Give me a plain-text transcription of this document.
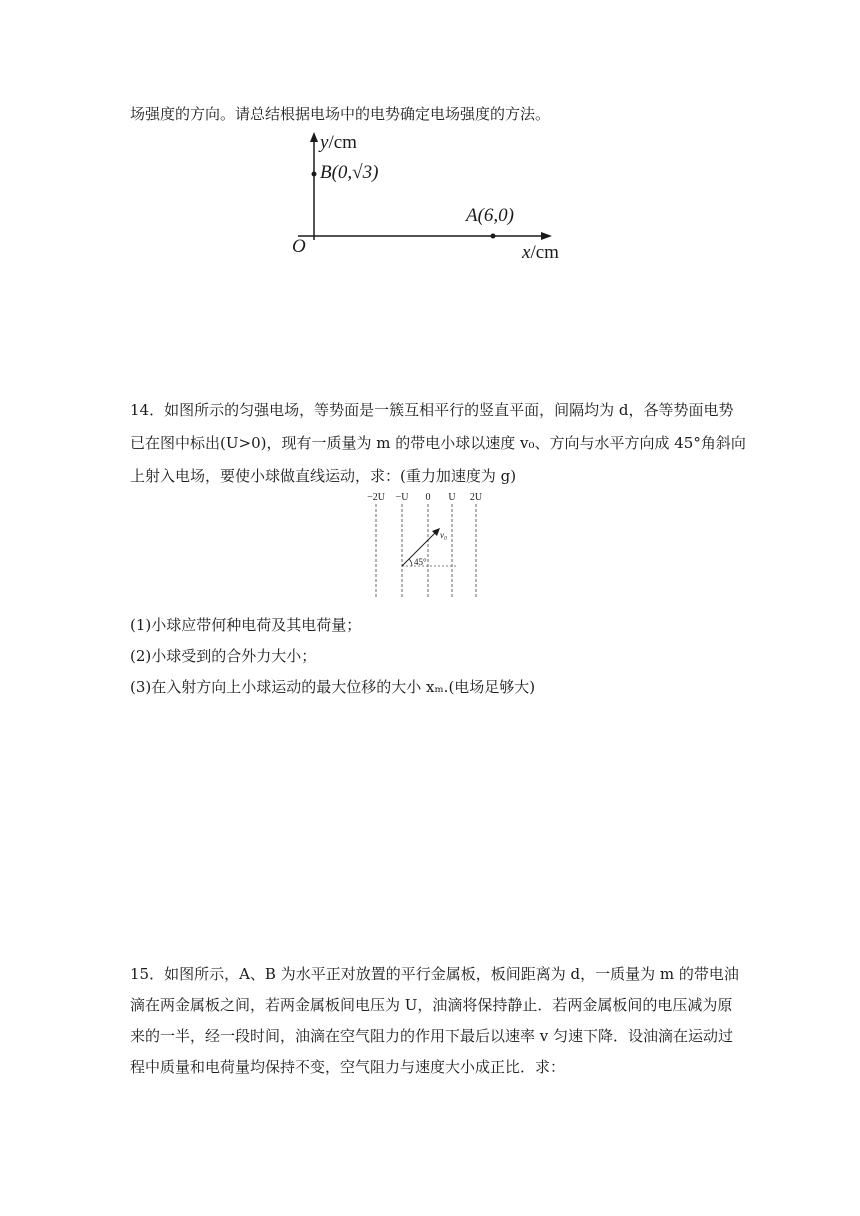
场强度的方向。请总结根据电场中的电势确定电场强度的方法。
y/cm
B(0,√3)
A(6,0)
O	x/cm
14．如图所示的匀强电场，等势面是一簇互相平行的竖直平面，间隔均为 d，各等势面电势
已在图中标出(U>0)，现有一质量为 m 的带电小球以速度 v₀、方向与水平方向成 45°角斜向
上射入电场，要使小球做直线运动，求：(重力加速度为 g)
−2U −U 0 U 2U
v₀
45°
(1)小球应带何种电荷及其电荷量；
(2)小球受到的合外力大小；
(3)在入射方向上小球运动的最大位移的大小 xₘ.(电场足够大)
15．如图所示，A、B 为水平正对放置的平行金属板，板间距离为 d，一质量为 m 的带电油
滴在两金属板之间，若两金属板间电压为 U，油滴将保持静止．若两金属板间的电压减为原
来的一半，经一段时间，油滴在空气阻力的作用下最后以速率 v 匀速下降．设油滴在运动过
程中质量和电荷量均保持不变，空气阻力与速度大小成正比．求：
